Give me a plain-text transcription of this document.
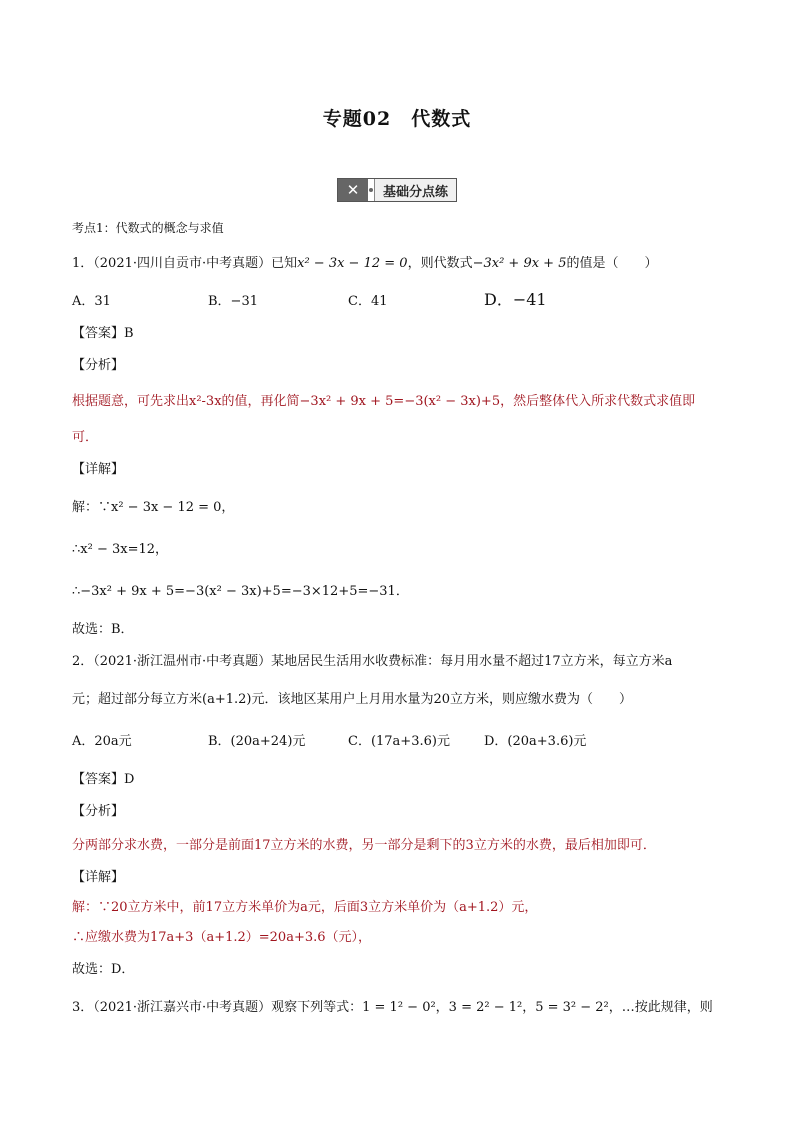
专题02　代数式
✕	基础分点练
考点1：代数式的概念与求值
1．（2021·四川自贡市·中考真题）已知x² − 3x − 12 = 0，则代数式−3x² + 9x + 5的值是（　　）
A．31	B．−31	C．41	D．−41
【答案】B
【分析】
根据题意，可先求出x²-3x的值，再化简−3x² + 9x + 5=−3(x² − 3x)+5，然后整体代入所求代数式求值即
可．
【详解】
解：∵x² − 3x − 12 = 0，
∴x² − 3x=12，
∴−3x² + 9x + 5=−3(x² − 3x)+5=−3×12+5=−31．
故选：B．
2．（2021·浙江温州市·中考真题）某地居民生活用水收费标准：每月用水量不超过17立方米，每立方米a
元；超过部分每立方米(a+1.2)元．该地区某用户上月用水量为20立方米，则应缴水费为（　　）
A．20a元	B．(20a+24)元	C．(17a+3.6)元	D．(20a+3.6)元
【答案】D
【分析】
分两部分求水费，一部分是前面17立方米的水费，另一部分是剩下的3立方米的水费，最后相加即可．
【详解】
解：∵20立方米中，前17立方米单价为a元，后面3立方米单价为（a+1.2）元，
∴应缴水费为17a+3（a+1.2）=20a+3.6（元），
故选：D．
3．（2021·浙江嘉兴市·中考真题）观察下列等式：1 = 1² − 0²，3 = 2² − 1²，5 = 3² − 2²，…按此规律，则
